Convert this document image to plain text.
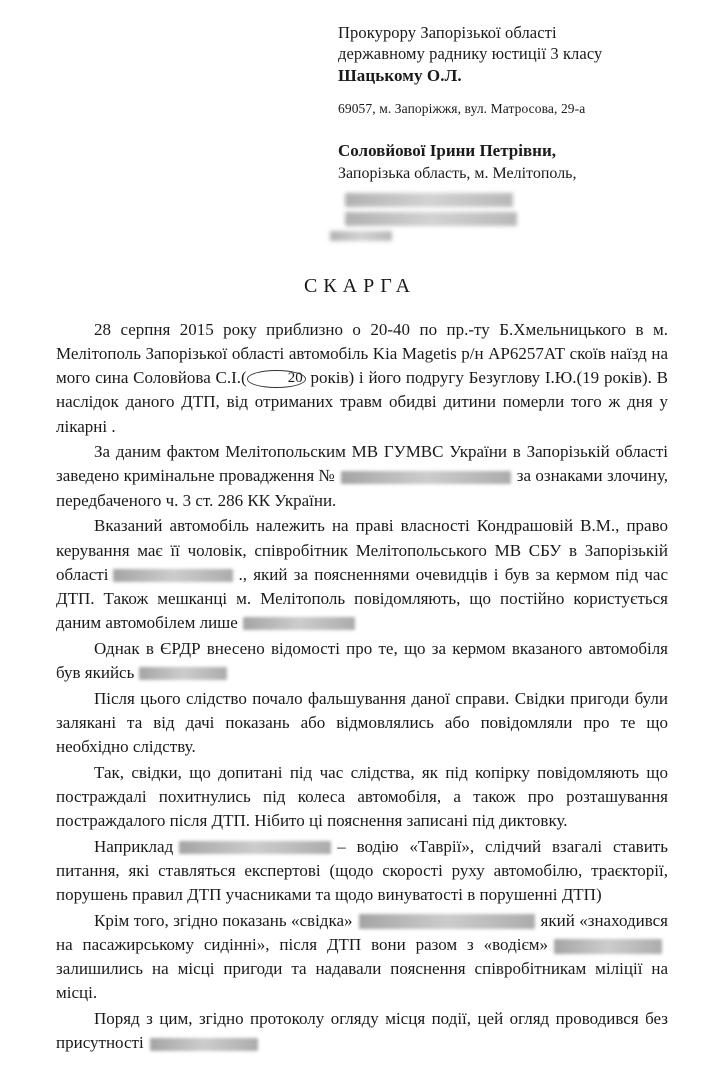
Прокурору Запорізької області
державному раднику юстиції 3 класу
Шацькому О.Л.
69057, м. Запоріжжя, вул. Матросова, 29-а
Соловйової Ірини Петрівни,
Запорізька область, м. Мелітополь,
СКАРГА

28 серпня 2015 року приблизно о 20-40 по пр.-ту Б.Хмельницького в м. Мелітополь Запорізької області автомобіль Kia Magetis р/н АР6257АТ скоїв наїзд на мого сина Соловйова С.І.(	20 років) і його подругу Безуглову І.Ю.(19 років). В наслідок даного ДТП, від отриманих травм обидві дитини померли того ж дня у лікарні .

За даним фактом Мелітопольским МВ ГУМВС України в Запорізькій області заведено кримінальне провадження №	за ознаками злочину, передбаченого ч. 3 ст. 286 КК України.

Вказаний автомобіль належить на праві власності Кондрашовій В.М., право керування має її чоловік, співробітник Мелітопольського МВ СБУ в Запорізькій області	., який за поясненнями очевидців і був за кермом під час ДТП. Також мешканці м. Мелітополь повідомляють, що постійно користується даним автомобілем лише

Однак в ЄРДР внесено відомості про те, що за кермом вказаного автомобіля був якийсь

Після цього слідство почало фальшування даної справи. Свідки пригоди були залякані та від дачі показань або відмовлялись або повідомляли про те що необхідно слідству.

Так, свідки, що допитані під час слідства, як під копірку повідомляють що постраждалі похитнулись під колеса автомобіля, а також про розташування постраждалого після ДТП. Нібито ці пояснення записані під диктовку.

Наприклад	– водію «Таврії», слідчий взагалі ставить питання, які ставляться експертові (щодо скорості руху автомобілю, траєкторії, порушень правил ДТП учасниками та щодо винуватості в порушенні ДТП)

Крім того, згідно показань «свідка»	який «знаходився на пасажирському сидінні», після ДТП вони разом з «водієм»залишились на місці пригоди та надавали пояснення співробітникам міліції на місці.

Поряд з цим, згідно протоколу огляду місця події, цей огляд проводився без присутності
